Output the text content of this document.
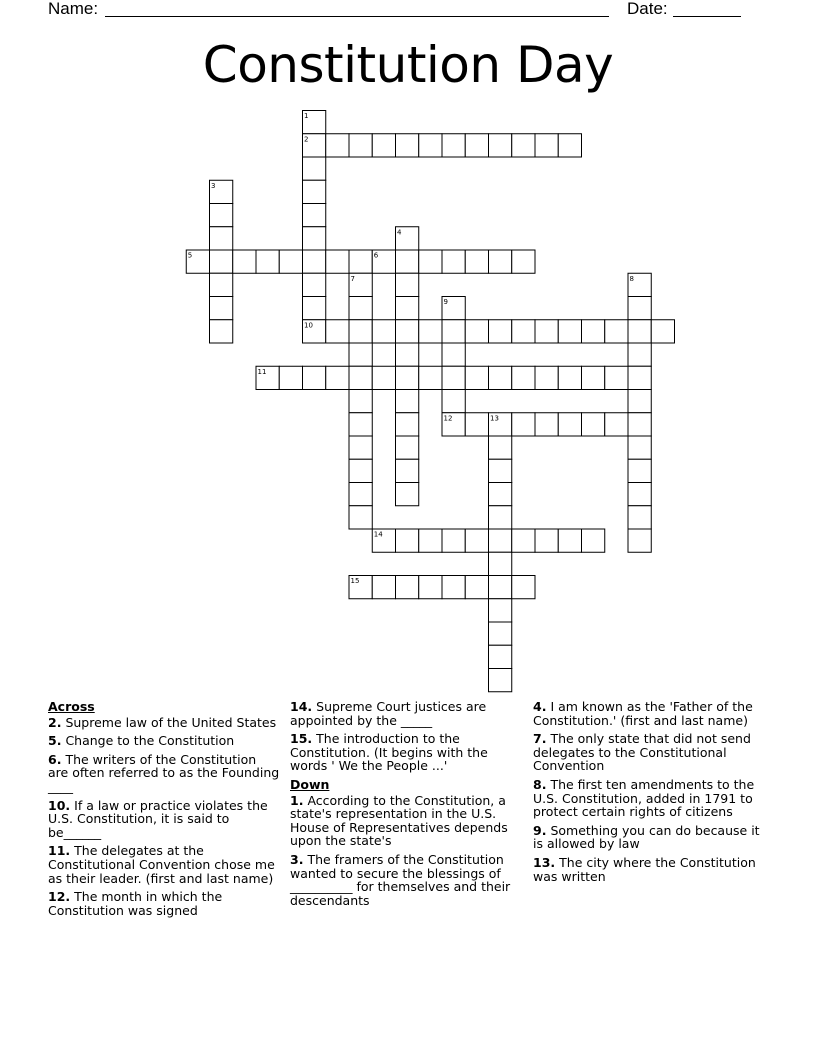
Name:	Date:
Constitution Day
1
2
3
4
5	6
7	8
9
10
11
12	13
14
15
Across
2. Supreme law of the United States
5. Change to the Constitution
6. The writers of the Constitution are often referred to as the Founding ____
10. If a law or practice violates the U.S. Constitution, it is said to be______
11. The delegates at the Constitutional Convention chose me as their leader. (first and last name)
12. The month in which the Constitution was signed
14. Supreme Court justices are appointed by the _____
15. The introduction to the Constitution. (It begins with the words ' We the People ...'
Down
1. According to the Constitution, a state's representation in the U.S. House of Representatives depends upon the state's
3. The framers of the Constitution wanted to secure the blessings of __________ for themselves and their descendants
4. I am known as the 'Father of the Constitution.' (first and last name)
7. The only state that did not send delegates to the Constitutional Convention
8. The first ten amendments to the U.S. Constitution, added in 1791 to protect certain rights of citizens
9. Something you can do because it is allowed by law
13. The city where the Constitution was written
